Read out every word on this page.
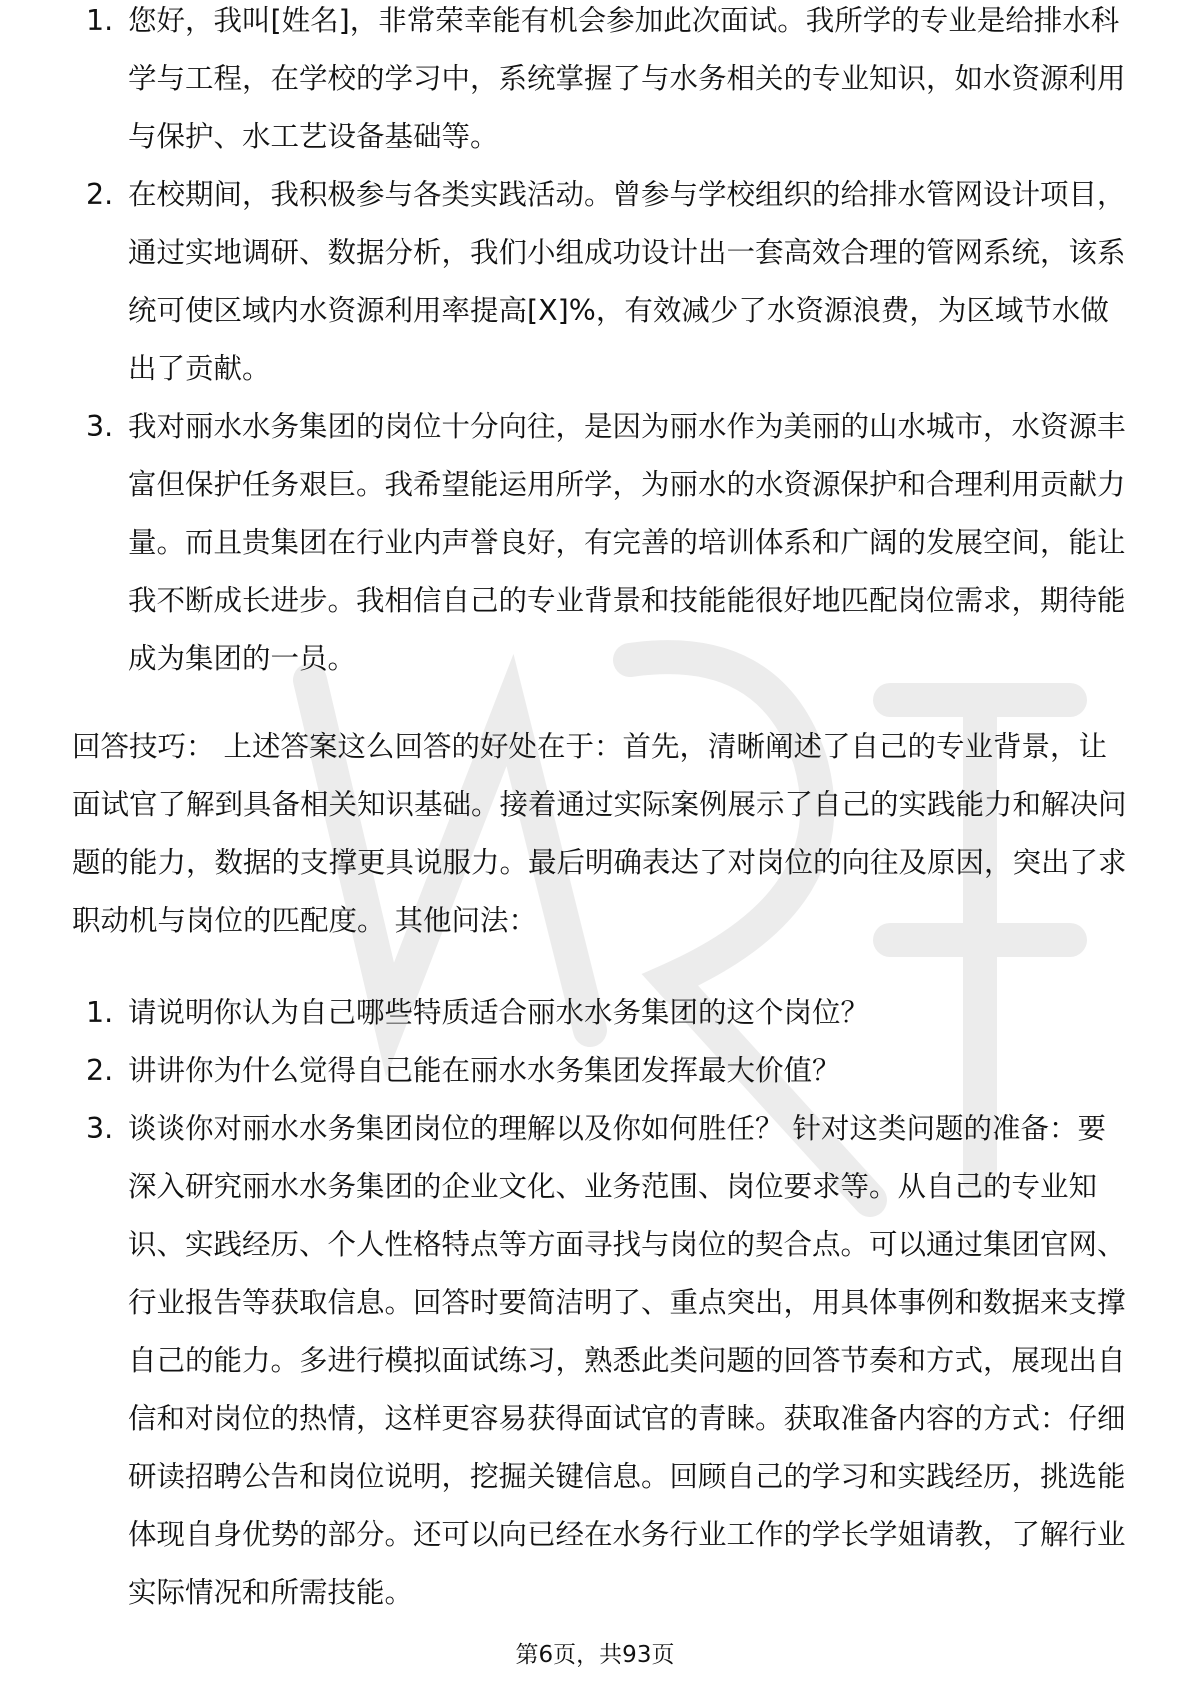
1. 您好，我叫[姓名]，非常荣幸能有机会参加此次面试。我所学的专业是给排水科学与工程，在学校的学习中，系统掌握了与水务相关的专业知识，如水资源利用与保护、水工艺设备基础等。
2. 在校期间，我积极参与各类实践活动。曾参与学校组织的给排水管网设计项目，通过实地调研、数据分析，我们小组成功设计出一套高效合理的管网系统，该系统可使区域内水资源利用率提高[X]%，有效减少了水资源浪费，为区域节水做出了贡献。
3. 我对丽水水务集团的岗位十分向往，是因为丽水作为美丽的山水城市，水资源丰富但保护任务艰巨。我希望能运用所学，为丽水的水资源保护和合理利用贡献力量。而且贵集团在行业内声誉良好，有完善的培训体系和广阔的发展空间，能让我不断成长进步。我相信自己的专业背景和技能能很好地匹配岗位需求，期待能成为集团的一员。

回答技巧： 上述答案这么回答的好处在于：首先，清晰阐述了自己的专业背景，让面试官了解到具备相关知识基础。接着通过实际案例展示了自己的实践能力和解决问题的能力，数据的支撑更具说服力。最后明确表达了对岗位的向往及原因，突出了求职动机与岗位的匹配度。 其他问法：

1. 请说明你认为自己哪些特质适合丽水水务集团的这个岗位？
2. 讲讲你为什么觉得自己能在丽水水务集团发挥最大价值？
3. 谈谈你对丽水水务集团岗位的理解以及你如何胜任？ 针对这类问题的准备：要深入研究丽水水务集团的企业文化、业务范围、岗位要求等。从自己的专业知识、实践经历、个人性格特点等方面寻找与岗位的契合点。可以通过集团官网、行业报告等获取信息。回答时要简洁明了、重点突出，用具体事例和数据来支撑自己的能力。多进行模拟面试练习，熟悉此类问题的回答节奏和方式，展现出自信和对岗位的热情，这样更容易获得面试官的青睐。获取准备内容的方式：仔细研读招聘公告和岗位说明，挖掘关键信息。回顾自己的学习和实践经历，挑选能体现自身优势的部分。还可以向已经在水务行业工作的学长学姐请教，了解行业实际情况和所需技能。
第6页，共93页
